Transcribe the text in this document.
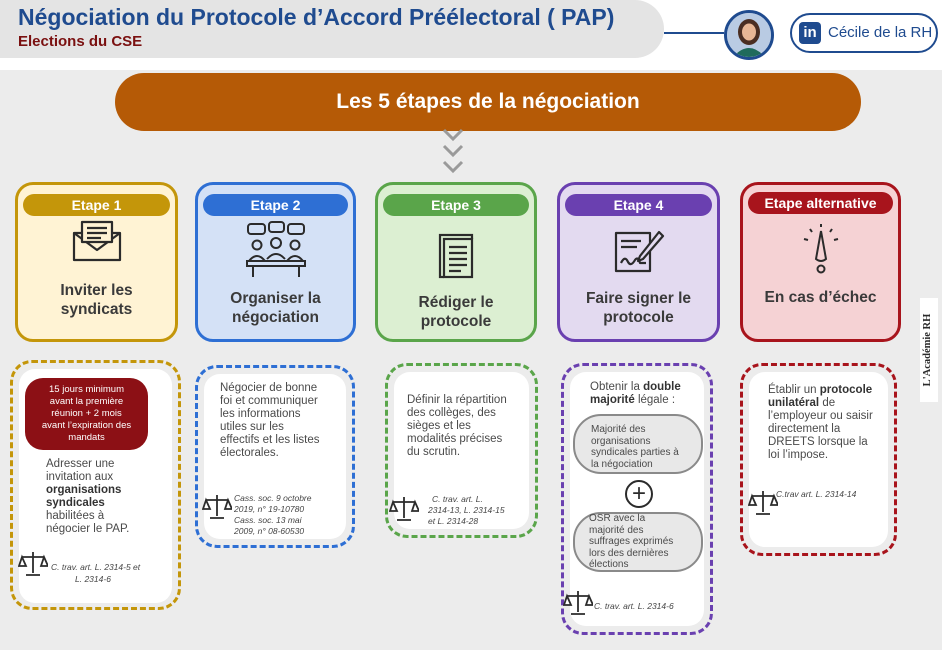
Négociation du Protocole d’Accord Préélectoral ( PAP)
Elections du CSE
in Cécile de la RH
Les 5 étapes de la négociation
Etape 1
Inviter les
syndicats
Etape 2
Organiser la
négociation
Etape 3
Rédiger le
protocole
Etape 4
Faire signer le
protocole
Etape alternative
En cas d’échec
15 jours minimum
avant la première
réunion + 2 mois
avant l’expiration des
mandats
Adresser une
invitation aux
organisations
syndicales
habilitées à
négocier le PAP.
C. trav. art. L. 2314-5 et
L. 2314-6
Négocier de bonne
foi et communiquer
les informations
utiles sur les
effectifs et les listes
électorales.
Cass. soc. 9 octobre
2019, n° 19-10780
Cass. soc. 13 mai
2009, n° 08-60530
Définir la répartition
des collèges, des
sièges et les
modalités précises
du scrutin.
C. trav. art. L.
2314-13, L. 2314-15
et L. 2314-28
Obtenir la double
majorité légale :
Majorité des
organisations
syndicales parties à
la négociation
+
OSR avec la
majorité des
suffrages exprimés
lors des dernières
élections
C. trav. art. L. 2314-6
Établir un protocole
unilatéral de
l’employeur ou saisir
directement la
DREETS lorsque la
loi l’impose.
C.trav art. L. 2314-14
L'Académie RH
